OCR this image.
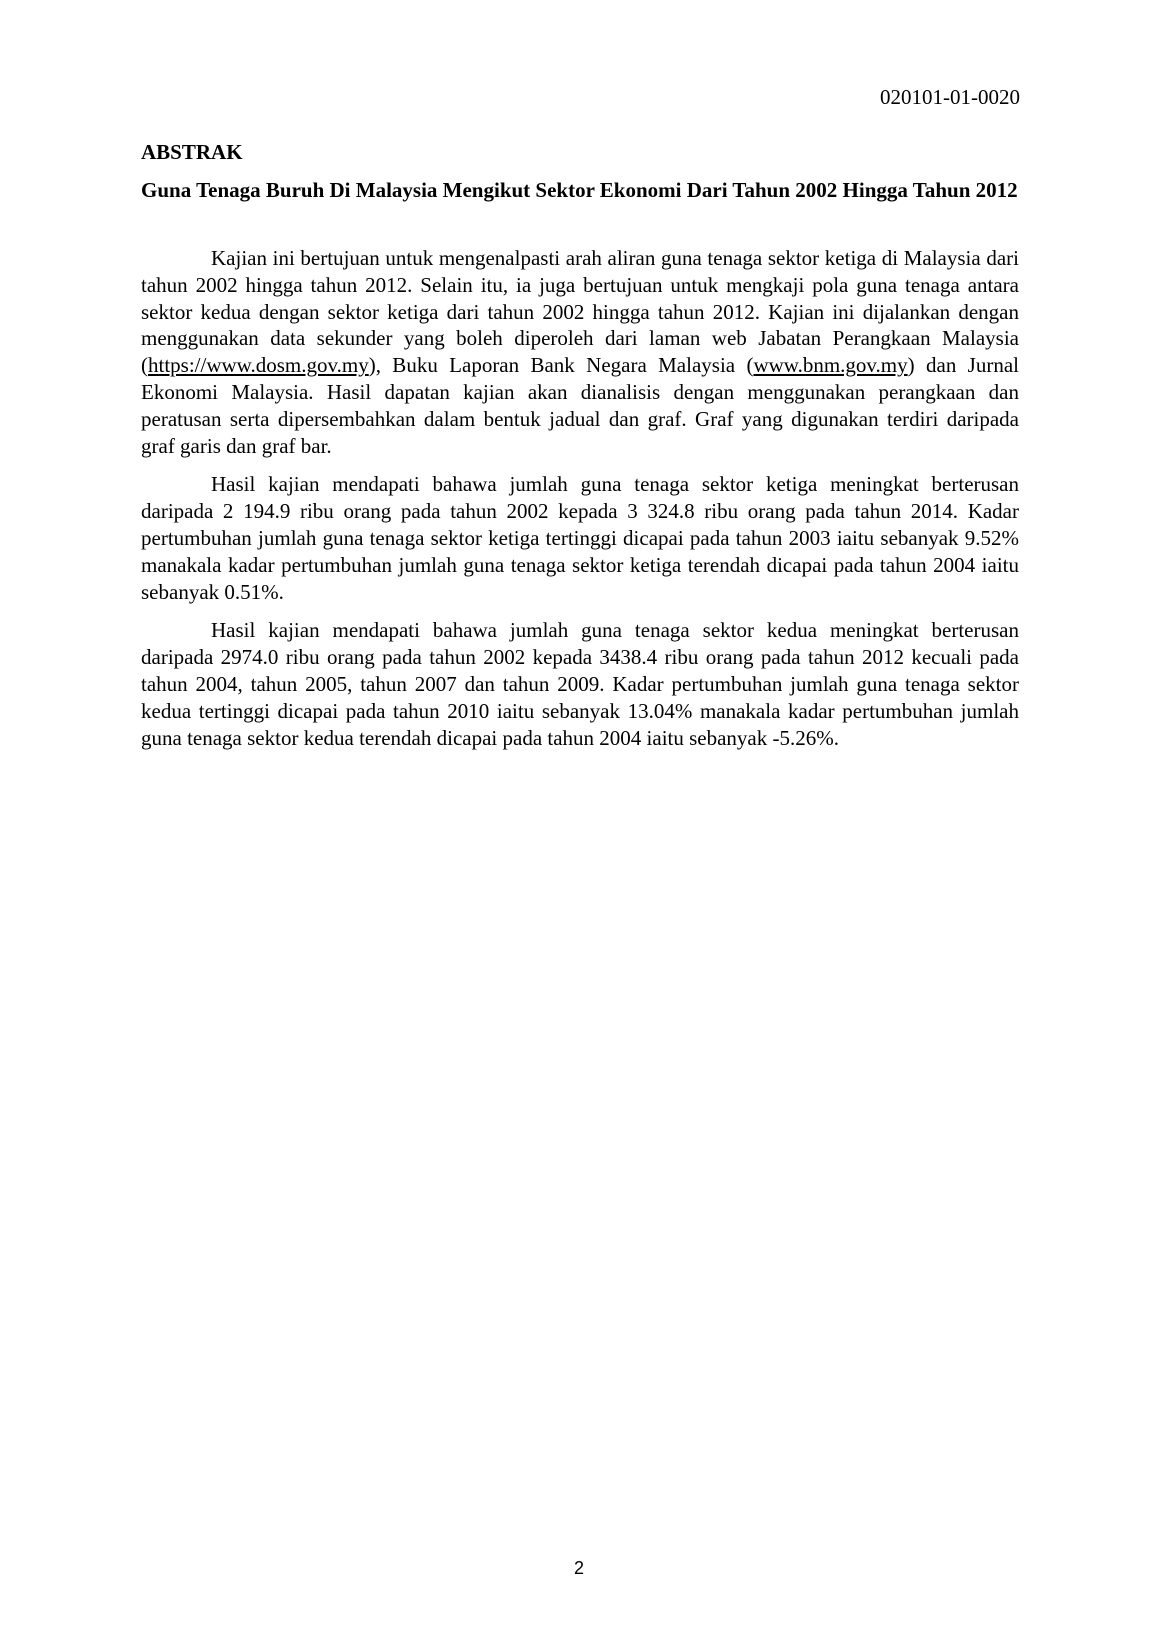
020101-01-0020
ABSTRAK
Guna Tenaga Buruh Di Malaysia Mengikut Sektor Ekonomi Dari Tahun 2002 Hingga Tahun 2012

Kajian ini bertujuan untuk mengenalpasti arah aliran guna tenaga sektor ketiga di Malaysia dari tahun 2002 hingga tahun 2012. Selain itu, ia juga bertujuan untuk mengkaji pola guna tenaga antara sektor kedua dengan sektor ketiga dari tahun 2002 hingga tahun 2012. Kajian ini dijalankan dengan menggunakan data sekunder yang boleh diperoleh dari laman web Jabatan Perangkaan Malaysia (https://www.dosm.gov.my), Buku Laporan Bank Negara Malaysia (www.bnm.gov.my) dan Jurnal Ekonomi Malaysia. Hasil dapatan kajian akan dianalisis dengan menggunakan perangkaan dan peratusan serta dipersembahkan dalam bentuk jadual dan graf. Graf yang digunakan terdiri daripada graf garis dan graf bar.

Hasil kajian mendapati bahawa jumlah guna tenaga sektor ketiga meningkat berterusan daripada 2 194.9 ribu orang pada tahun 2002 kepada 3 324.8 ribu orang pada tahun 2014. Kadar pertumbuhan jumlah guna tenaga sektor ketiga tertinggi dicapai pada tahun 2003 iaitu sebanyak 9.52% manakala kadar pertumbuhan jumlah guna tenaga sektor ketiga terendah dicapai pada tahun 2004 iaitu sebanyak 0.51%.

Hasil kajian mendapati bahawa jumlah guna tenaga sektor kedua meningkat berterusan daripada 2974.0 ribu orang pada tahun 2002 kepada 3438.4 ribu orang pada tahun 2012 kecuali pada tahun 2004, tahun 2005, tahun 2007 dan tahun 2009. Kadar pertumbuhan jumlah guna tenaga sektor kedua tertinggi dicapai pada tahun 2010 iaitu sebanyak 13.04% manakala kadar pertumbuhan jumlah guna tenaga sektor kedua terendah dicapai pada tahun 2004 iaitu sebanyak -5.26%.

2
